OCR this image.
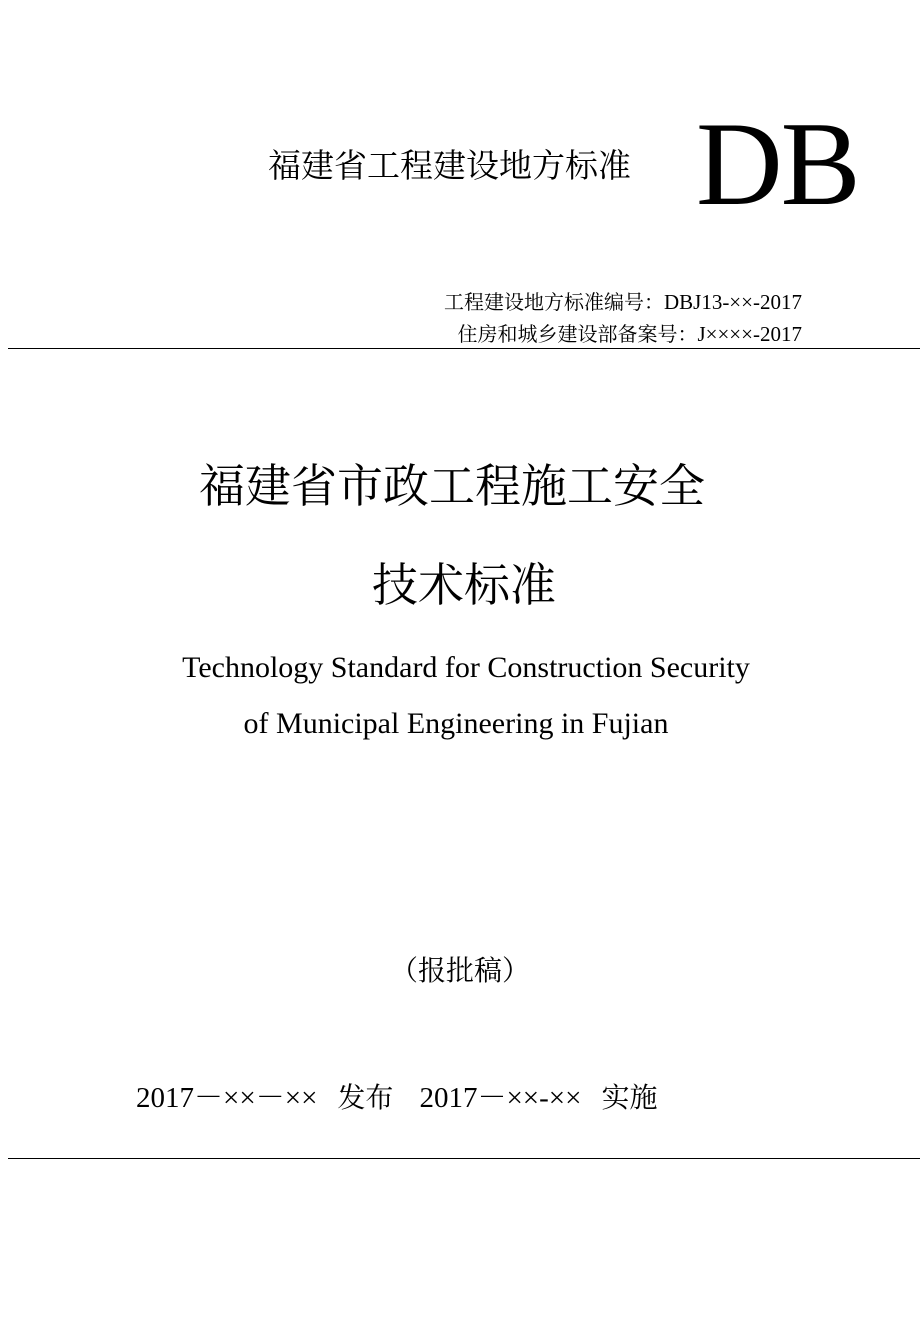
福建省工程建设地方标准 DB
工程建设地方标准编号：DBJ13-××-2017
住房和城乡建设部备案号：J××××-2017
福建省市政工程施工安全
技术标准
Technology Standard for Construction Security
of Municipal Engineering in Fujian
（报批稿）
2017－××－×× 发布 2017－××-×× 实施
